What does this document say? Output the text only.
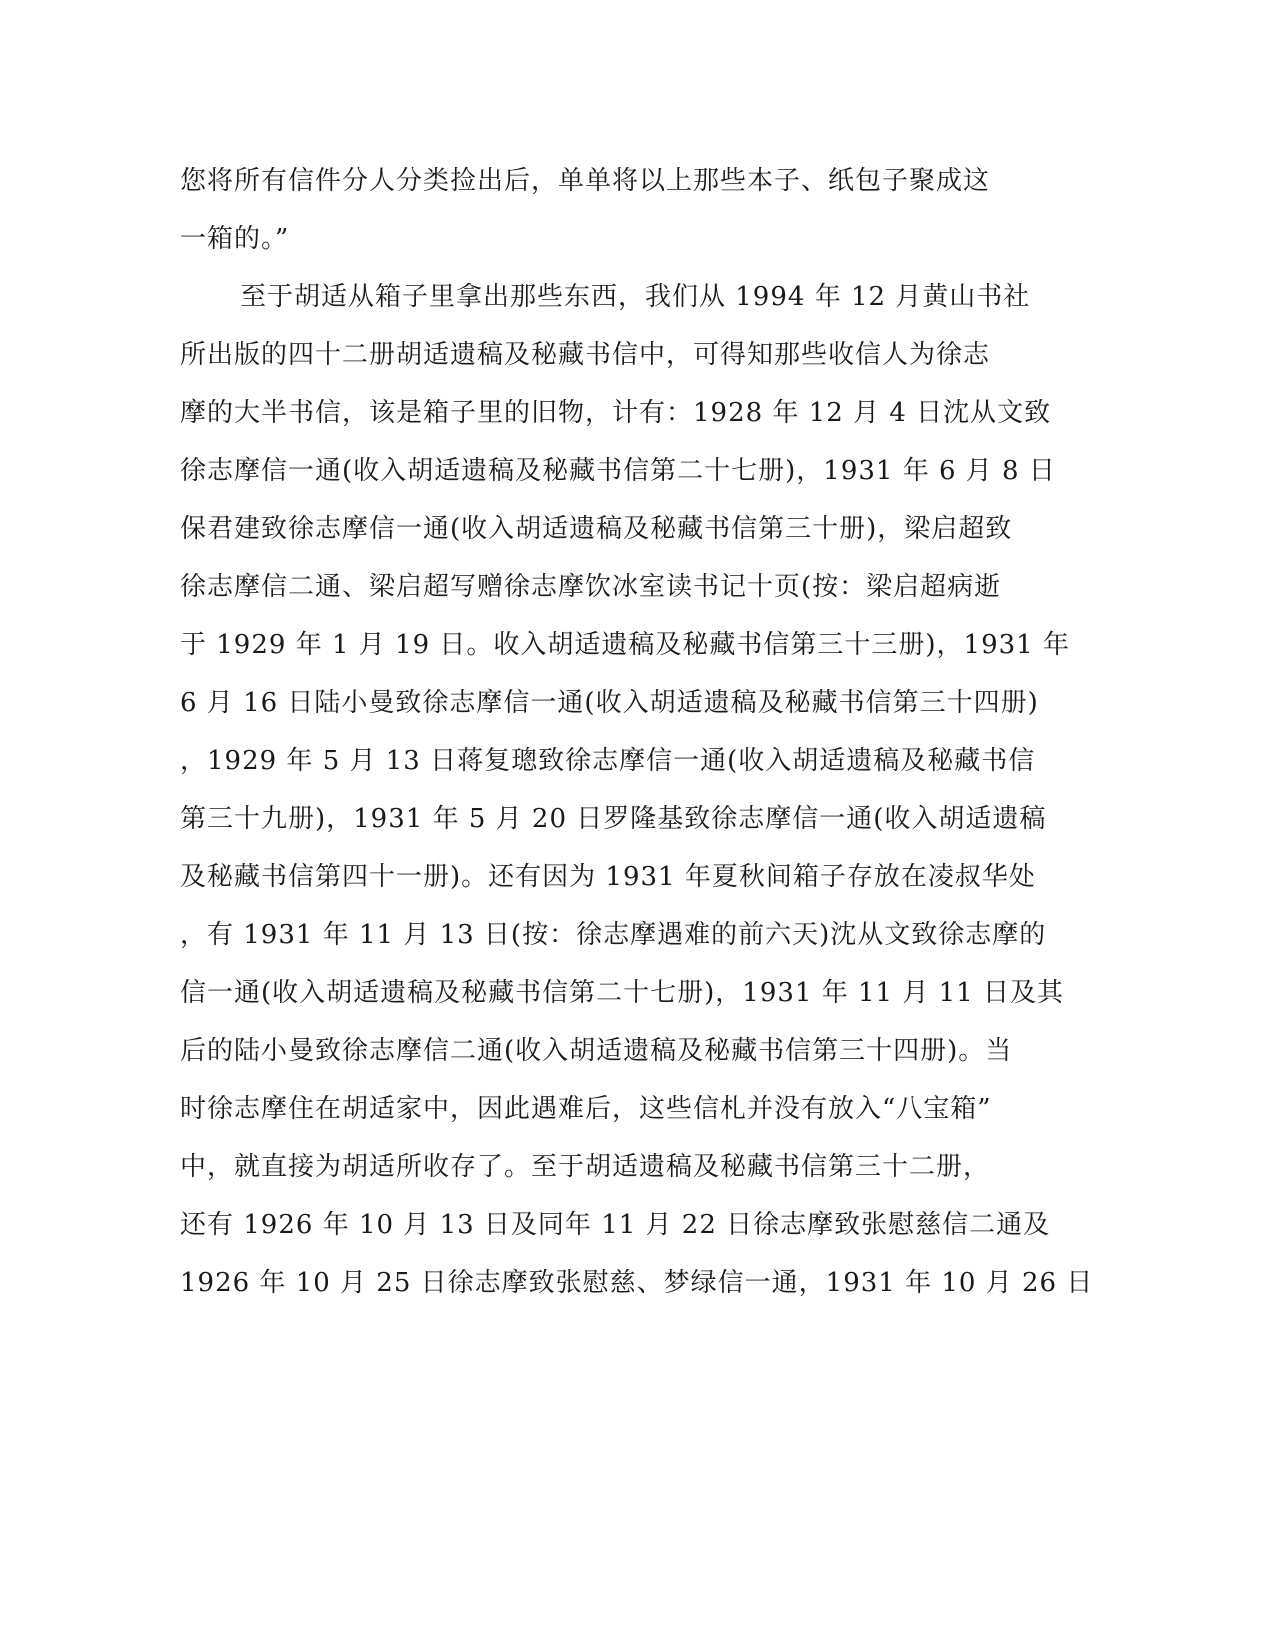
您将所有信件分人分类捡出后，单单将以上那些本子、纸包子聚成这
一箱的。”
至于胡适从箱子里拿出那些东西，我们从 1994 年 12 月黄山书社
所出版的四十二册胡适遗稿及秘藏书信中，可得知那些收信人为徐志
摩的大半书信，该是箱子里的旧物，计有：1928 年 12 月 4 日沈从文致
徐志摩信一通(收入胡适遗稿及秘藏书信第二十七册)，1931 年 6 月 8 日
保君建致徐志摩信一通(收入胡适遗稿及秘藏书信第三十册)，梁启超致
徐志摩信二通、梁启超写赠徐志摩饮冰室读书记十页(按：梁启超病逝
于 1929 年 1 月 19 日。收入胡适遗稿及秘藏书信第三十三册)，1931 年
6 月 16 日陆小曼致徐志摩信一通(收入胡适遗稿及秘藏书信第三十四册)
，1929 年 5 月 13 日蒋复璁致徐志摩信一通(收入胡适遗稿及秘藏书信
第三十九册)，1931 年 5 月 20 日罗隆基致徐志摩信一通(收入胡适遗稿
及秘藏书信第四十一册)。还有因为 1931 年夏秋间箱子存放在凌叔华处
，有 1931 年 11 月 13 日(按：徐志摩遇难的前六天)沈从文致徐志摩的
信一通(收入胡适遗稿及秘藏书信第二十七册)，1931 年 11 月 11 日及其
后的陆小曼致徐志摩信二通(收入胡适遗稿及秘藏书信第三十四册)。当
时徐志摩住在胡适家中，因此遇难后，这些信札并没有放入“八宝箱”
中，就直接为胡适所收存了。至于胡适遗稿及秘藏书信第三十二册，
还有 1926 年 10 月 13 日及同年 11 月 22 日徐志摩致张慰慈信二通及
1926 年 10 月 25 日徐志摩致张慰慈、梦绿信一通，1931 年 10 月 26 日
